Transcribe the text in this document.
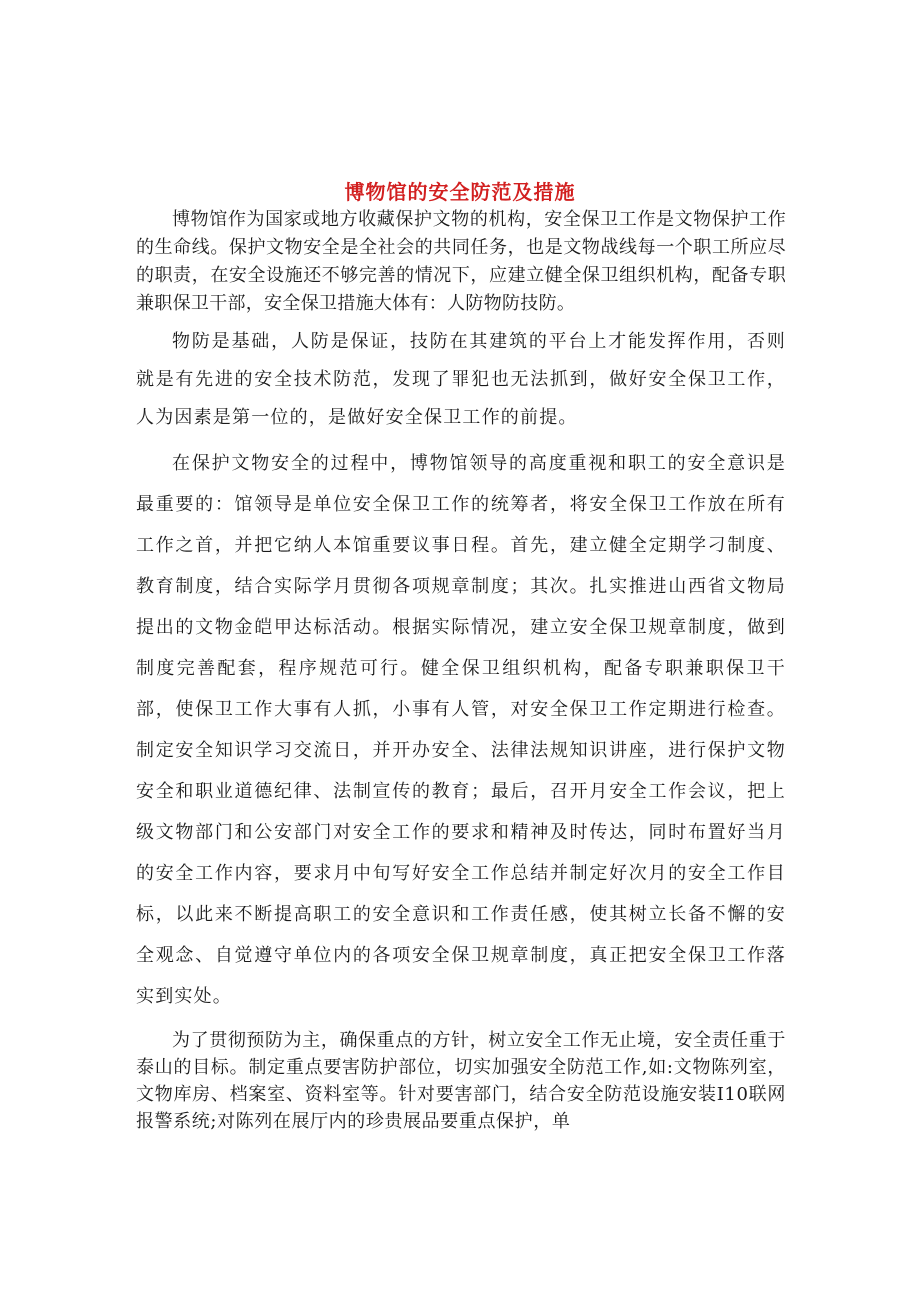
博物馆的安全防范及措施

博物馆作为国家或地方收藏保护文物的机构，安全保卫工作是文物保护工作的生命线。保护文物安全是全社会的共同任务，也是文物战线每一个职工所应尽的职责，在安全设施还不够完善的情况下，应建立健全保卫组织机构，配备专职兼职保卫干部，安全保卫措施大体有：人防物防技防。

物防是基础，人防是保证，技防在其建筑的平台上才能发挥作用，否则就是有先进的安全技术防范，发现了罪犯也无法抓到，做好安全保卫工作，人为因素是第一位的，是做好安全保卫工作的前提。

在保护文物安全的过程中，博物馆领导的高度重视和职工的安全意识是最重要的：馆领导是单位安全保卫工作的统筹者，将安全保卫工作放在所有工作之首，并把它纳人本馆重要议事日程。首先，建立健全定期学刁制度、教育制度，结合实际学月贯彻各项规章制度；其次。扎实推进山西省文物局提出的文物金皑甲达标活动。根据实际情况，建立安全保卫规章制度，做到制度完善配套，程序规范可行。健全保卫组织机构，配备专职兼职保卫干部，使保卫工作大事有人抓，小事有人管，对安全保卫工作定期进行检查。制定安全知识学习交流日，并开办安全、法律法规知识讲座，进行保护文物安全和职业道德纪律、法制宣传的教育；最后，召开月安全工作会议，把上级文物部门和公安部门对安全工作的要求和精神及时传达，同时布置好当月的安全工作内容，要求月中旬写好安全工作总结并制定好次月的安全工作目标，以此来不断提高职工的安全意识和工作责任感，使其树立长备不懈的安全观念、自觉遵守单位内的各项安全保卫规章制度，真正把安全保卫工作落实到实处。

为了贯彻预防为主，确保重点的方针，树立安全工作无止境，安全责任重于泰山的目标。制定重点要害防护部位，切实加强安全防范工作,如:文物陈列室，文物库房、档案室、资料室等。针对要害部门，结合安全防范设施安装I10联网报警系统;对陈列在展厅内的珍贵展品要重点保护，单
